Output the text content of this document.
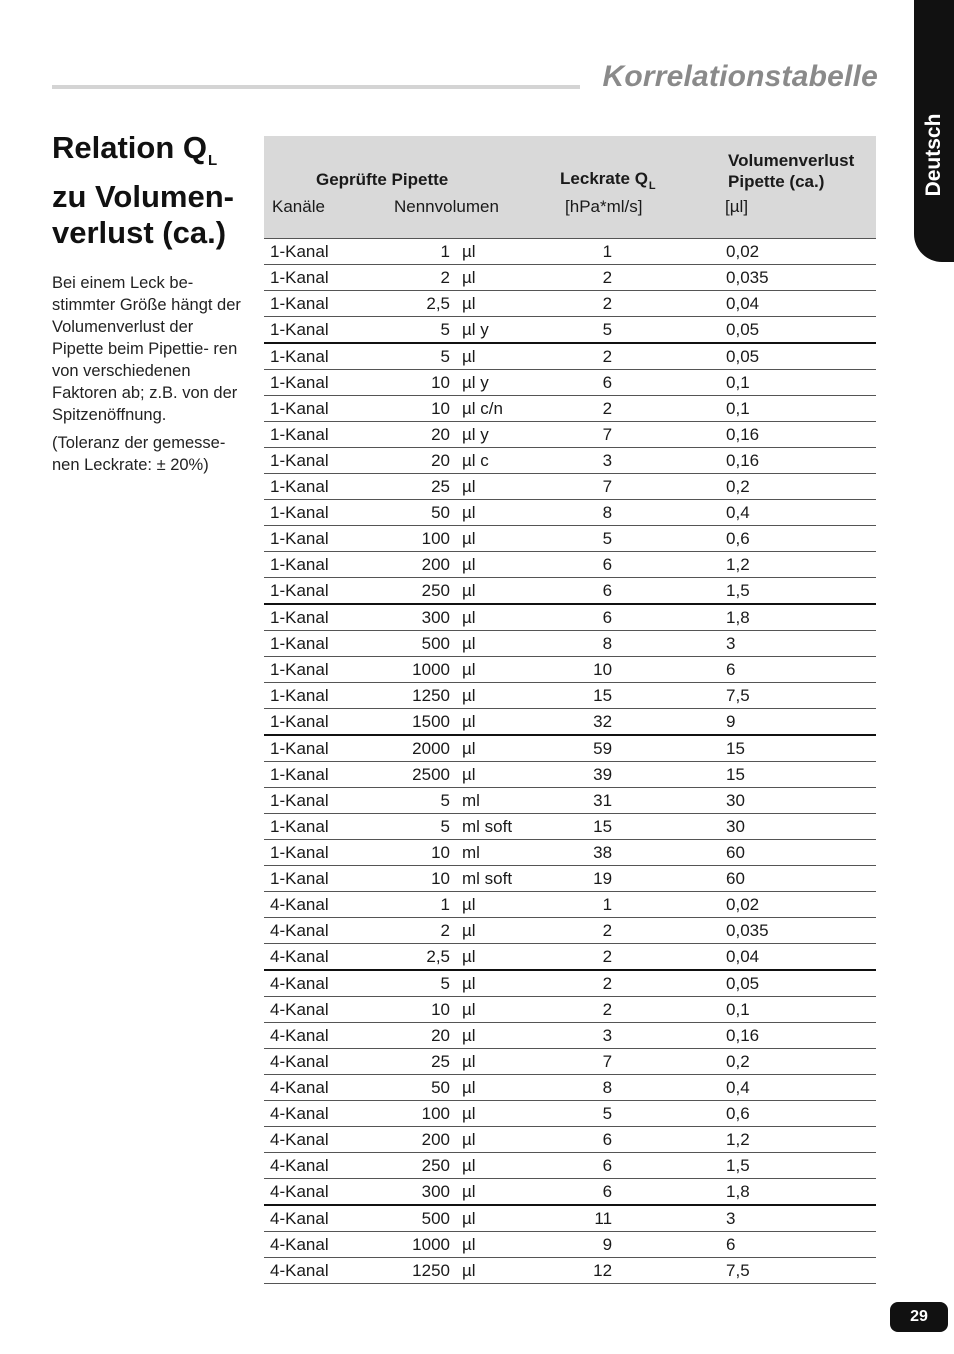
Korrelationstabelle
Deutsch
Relation $Q_L$
zu Volumen-
verlust (ca.)

Bei einem Leck be- stimmter Größe hängt der Volumenverlust der Pipette beim Pipettie- ren von verschiedenen Faktoren ab; z.B. von der Spitzenöffnung.

(Toleranz der gemesse- nen Leckrate: ± 20%)

Geprüfte Pipette			Leckrate $Q_L$
Volumenverlust
Pipette (ca.)	

Kanäle	Nennvolumen		[hPa*ml/s] [µl]	

1-Kanal	1	µl	1	0,02
1-Kanal	2	µl	2	0,035
1-Kanal	2,5	µl	2	0,04
1-Kanal	5	µl y	5	0,05
1-Kanal	5	µl	2	0,05
1-Kanal	10	µl y	6	0,1
1-Kanal	10	µl c/n	2	0,1
1-Kanal	20	µl y	7	0,16
1-Kanal	20	µl c	3	0,16
1-Kanal	25	µl	7	0,2
1-Kanal	50	µl	8	0,4
1-Kanal	100	µl	5	0,6
1-Kanal	200	µl	6	1,2
1-Kanal	250	µl	6	1,5
1-Kanal	300	µl	6	1,8
1-Kanal	500	µl	8	3
1-Kanal	1000	µl	10	6
1-Kanal	1250	µl	15	7,5
1-Kanal	1500	µl	32	9
1-Kanal	2000	µl	59	15
1-Kanal	2500	µl	39	15
1-Kanal	5	ml	31	30
1-Kanal	5	ml soft	15	30
1-Kanal	10	ml	38	60
1-Kanal	10	ml soft	19	60
4-Kanal	1	µl	1	0,02
4-Kanal	2	µl	2	0,035
4-Kanal	2,5	µl	2	0,04
4-Kanal	5	µl	2	0,05
4-Kanal	10	µl	2	0,1
4-Kanal	20	µl	3	0,16
4-Kanal	25	µl	7	0,2
4-Kanal	50	µl	8	0,4
4-Kanal	100	µl	5	0,6
4-Kanal	200	µl	6	1,2
4-Kanal	250	µl	6	1,5
4-Kanal	300	µl	6	1,8
4-Kanal	500	µl	11	3
4-Kanal	1000	µl	9	6
4-Kanal	1250	µl	12	7,5
29
